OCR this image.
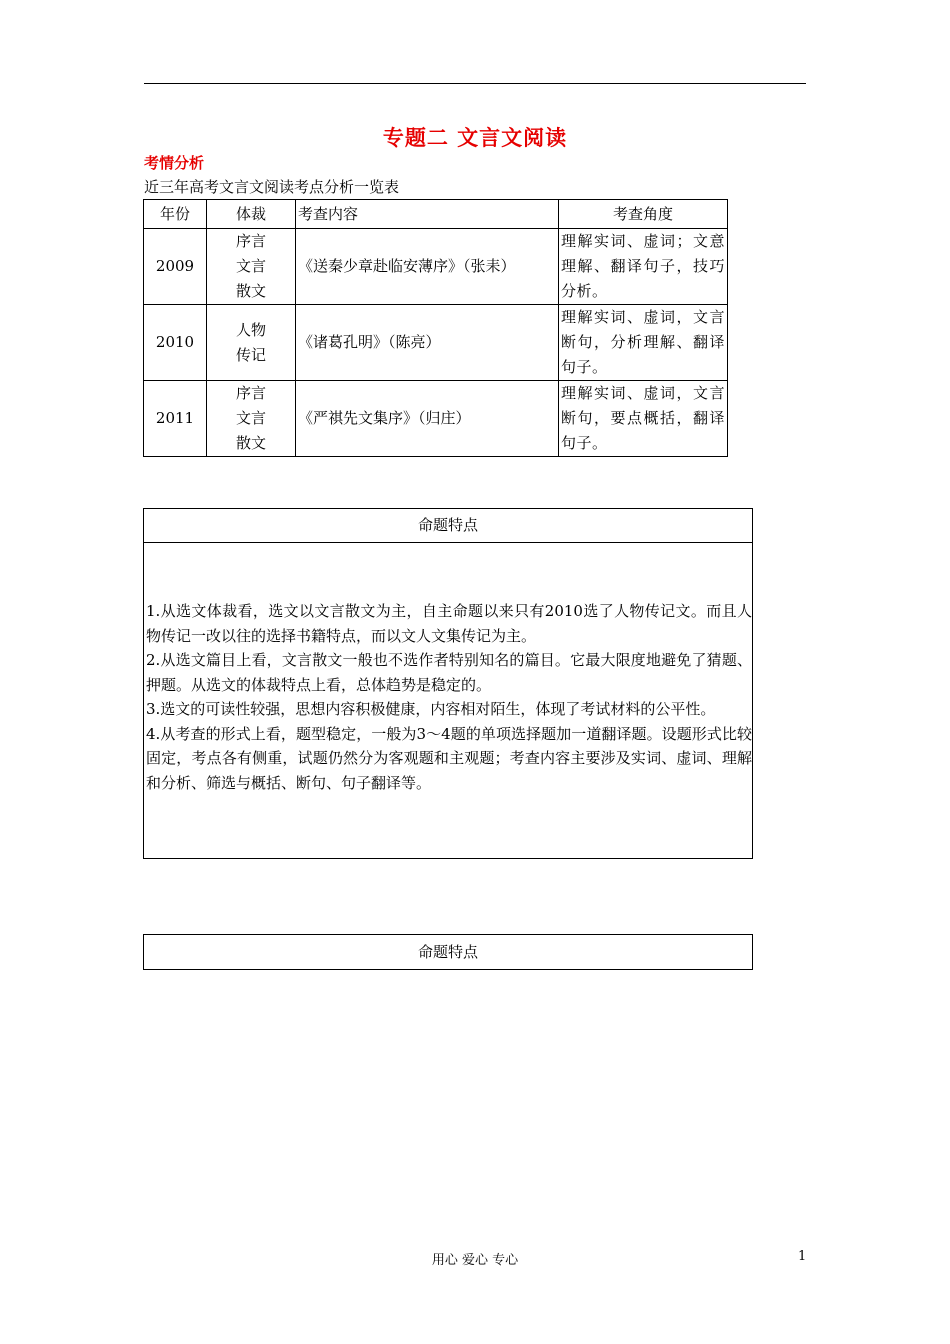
专题二 文言文阅读
考情分析
近三年高考文言文阅读考点分析一览表
年份	体裁	考查内容	考查角度
2009	序言
文言
散文	《送秦少章赴临安薄序》（张耒）	理解实词、虚词；文意理解、翻译句子，技巧分析。
2010	人物
传记	《诸葛孔明》（陈亮）	理解实词、虚词，文言断句，分析理解、翻译句子。
2011	序言
文言
散文	《严祺先文集序》（归庄）	理解实词、虚词，文言断句，要点概括，翻译句子。
命题特点

1.从选文体裁看，选文以文言散文为主，自主命题以来只有2010选了人物传记文。而且人物传记一改以往的选择书籍特点，而以文人文集传记为主。

2.从选文篇目上看，文言散文一般也不选作者特别知名的篇目。它最大限度地避免了猜题、押题。从选文的体裁特点上看，总体趋势是稳定的。

3.选文的可读性较强，思想内容积极健康，内容相对陌生，体现了考试材料的公平性。

4.从考查的形式上看，题型稳定，一般为3～4题的单项选择题加一道翻译题。设题形式比较固定，考点各有侧重，试题仍然分为客观题和主观题；考查内容主要涉及实词、虚词、理解和分析、筛选与概括、断句、句子翻译等。

命题特点
用心 爱心 专心	1
